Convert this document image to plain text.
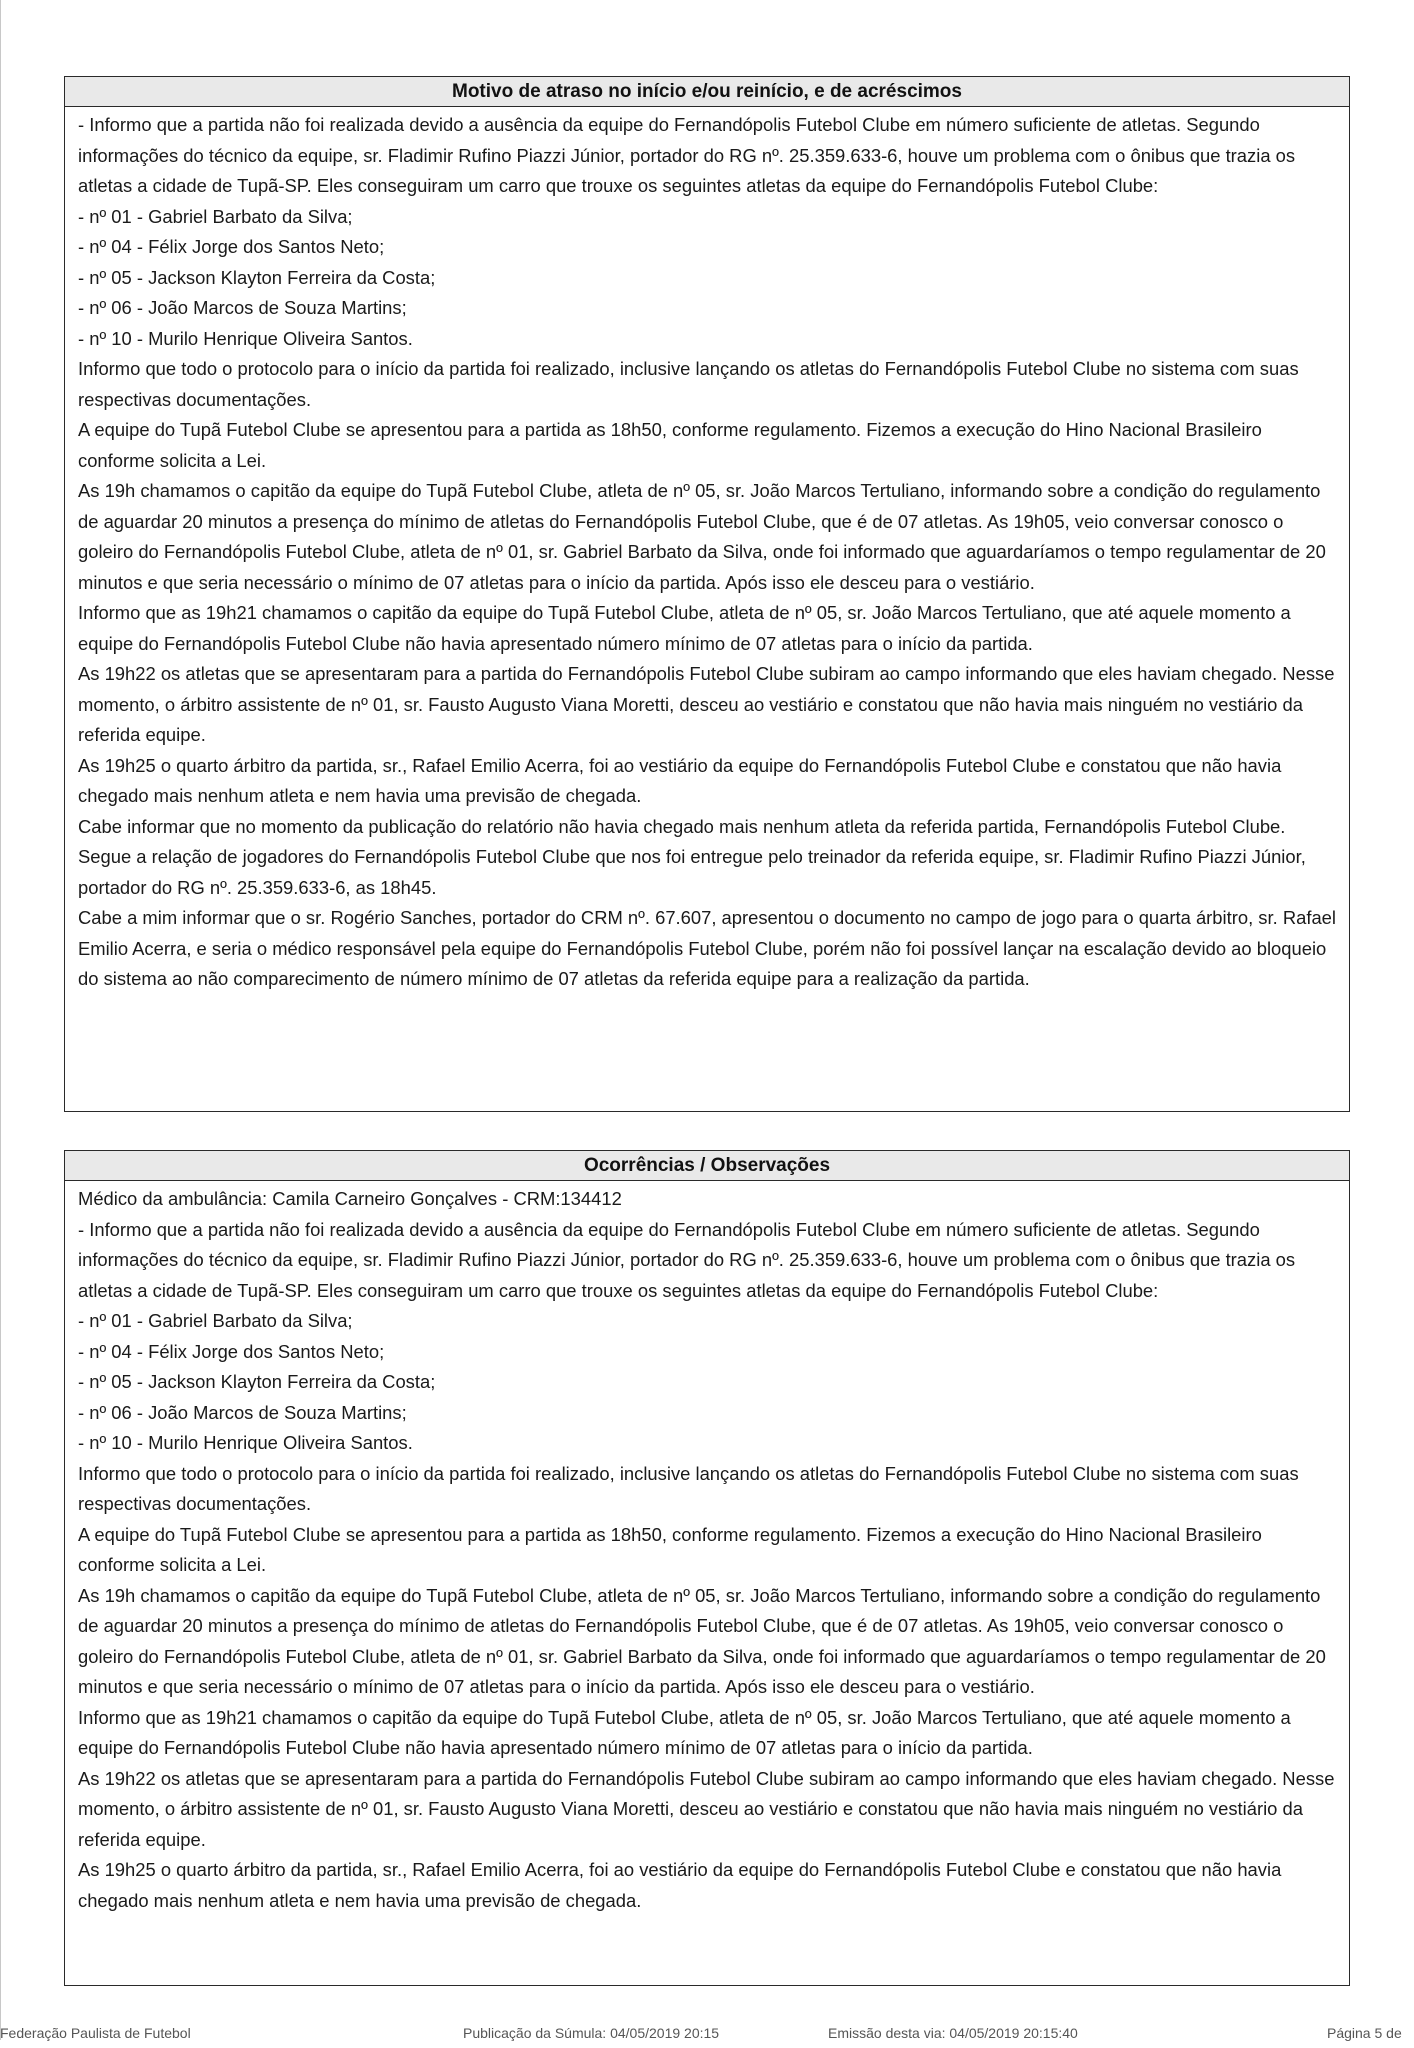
Motivo de atraso no início e/ou reinício, e de acréscimos

- Informo que a partida não foi realizada devido a ausência da equipe do Fernandópolis Futebol Clube em número suficiente de atletas. Segundo informações do técnico da equipe, sr. Fladimir Rufino Piazzi Júnior, portador do RG nº. 25.359.633-6, houve um problema com o ônibus que trazia os atletas a cidade de Tupã-SP. Eles conseguiram um carro que trouxe os seguintes atletas da equipe do Fernandópolis Futebol Clube:

- nº 01 - Gabriel Barbato da Silva;

- nº 04 - Félix Jorge dos Santos Neto;

- nº 05 - Jackson Klayton Ferreira da Costa;

- nº 06 - João Marcos de Souza Martins;

- nº 10 - Murilo Henrique Oliveira Santos.

Informo que todo o protocolo para o início da partida foi realizado, inclusive lançando os atletas do Fernandópolis Futebol Clube no sistema com suas respectivas documentações.

A equipe do Tupã Futebol Clube se apresentou para a partida as 18h50, conforme regulamento. Fizemos a execução do Hino Nacional Brasileiro conforme solicita a Lei.

As 19h chamamos o capitão da equipe do Tupã Futebol Clube, atleta de nº 05, sr. João Marcos Tertuliano, informando sobre a condição do regulamento de aguardar 20 minutos a presença do mínimo de atletas do Fernandópolis Futebol Clube, que é de 07 atletas. As 19h05, veio conversar conosco o goleiro do Fernandópolis Futebol Clube, atleta de nº 01, sr. Gabriel Barbato da Silva, onde foi informado que aguardaríamos o tempo regulamentar de 20 minutos e que seria necessário o mínimo de 07 atletas para o início da partida. Após isso ele desceu para o vestiário.

Informo que as 19h21 chamamos o capitão da equipe do Tupã Futebol Clube, atleta de nº 05, sr. João Marcos Tertuliano, que até aquele momento a equipe do Fernandópolis Futebol Clube não havia apresentado número mínimo de 07 atletas para o início da partida.

As 19h22 os atletas que se apresentaram para a partida do Fernandópolis Futebol Clube subiram ao campo informando que eles haviam chegado. Nesse momento, o árbitro assistente de nº 01, sr. Fausto Augusto Viana Moretti, desceu ao vestiário e constatou que não havia mais ninguém no vestiário da referida equipe.

As 19h25 o quarto árbitro da partida, sr., Rafael Emilio Acerra, foi ao vestiário da equipe do Fernandópolis Futebol Clube e constatou que não havia chegado mais nenhum atleta e nem havia uma previsão de chegada.

Cabe informar que no momento da publicação do relatório não havia chegado mais nenhum atleta da referida partida, Fernandópolis Futebol Clube.

Segue a relação de jogadores do Fernandópolis Futebol Clube que nos foi entregue pelo treinador da referida equipe, sr. Fladimir Rufino Piazzi Júnior, portador do RG nº. 25.359.633-6, as 18h45.

Cabe a mim informar que o sr. Rogério Sanches, portador do CRM nº. 67.607, apresentou o documento no campo de jogo para o quarta árbitro, sr. Rafael Emilio Acerra, e seria o médico responsável pela equipe do Fernandópolis Futebol Clube, porém não foi possível lançar na escalação devido ao bloqueio do sistema ao não comparecimento de número mínimo de 07 atletas da referida equipe para a realização da partida.

Ocorrências / Observações

Médico da ambulância: Camila Carneiro Gonçalves - CRM:134412

- Informo que a partida não foi realizada devido a ausência da equipe do Fernandópolis Futebol Clube em número suficiente de atletas. Segundo informações do técnico da equipe, sr. Fladimir Rufino Piazzi Júnior, portador do RG nº. 25.359.633-6, houve um problema com o ônibus que trazia os atletas a cidade de Tupã-SP. Eles conseguiram um carro que trouxe os seguintes atletas da equipe do Fernandópolis Futebol Clube:

- nº 01 - Gabriel Barbato da Silva;

- nº 04 - Félix Jorge dos Santos Neto;

- nº 05 - Jackson Klayton Ferreira da Costa;

- nº 06 - João Marcos de Souza Martins;

- nº 10 - Murilo Henrique Oliveira Santos.

Informo que todo o protocolo para o início da partida foi realizado, inclusive lançando os atletas do Fernandópolis Futebol Clube no sistema com suas respectivas documentações.

A equipe do Tupã Futebol Clube se apresentou para a partida as 18h50, conforme regulamento. Fizemos a execução do Hino Nacional Brasileiro conforme solicita a Lei.

As 19h chamamos o capitão da equipe do Tupã Futebol Clube, atleta de nº 05, sr. João Marcos Tertuliano, informando sobre a condição do regulamento de aguardar 20 minutos a presença do mínimo de atletas do Fernandópolis Futebol Clube, que é de 07 atletas. As 19h05, veio conversar conosco o goleiro do Fernandópolis Futebol Clube, atleta de nº 01, sr. Gabriel Barbato da Silva, onde foi informado que aguardaríamos o tempo regulamentar de 20 minutos e que seria necessário o mínimo de 07 atletas para o início da partida. Após isso ele desceu para o vestiário.

Informo que as 19h21 chamamos o capitão da equipe do Tupã Futebol Clube, atleta de nº 05, sr. João Marcos Tertuliano, que até aquele momento a equipe do Fernandópolis Futebol Clube não havia apresentado número mínimo de 07 atletas para o início da partida.

As 19h22 os atletas que se apresentaram para a partida do Fernandópolis Futebol Clube subiram ao campo informando que eles haviam chegado. Nesse momento, o árbitro assistente de nº 01, sr. Fausto Augusto Viana Moretti, desceu ao vestiário e constatou que não havia mais ninguém no vestiário da referida equipe.

As 19h25 o quarto árbitro da partida, sr., Rafael Emilio Acerra, foi ao vestiário da equipe do Fernandópolis Futebol Clube e constatou que não havia chegado mais nenhum atleta e nem havia uma previsão de chegada.

Federação Paulista de Futebol	Publicação da Súmula: 04/05/2019 20:15	Emissão desta via: 04/05/2019 20:15:40	Página 5 de
